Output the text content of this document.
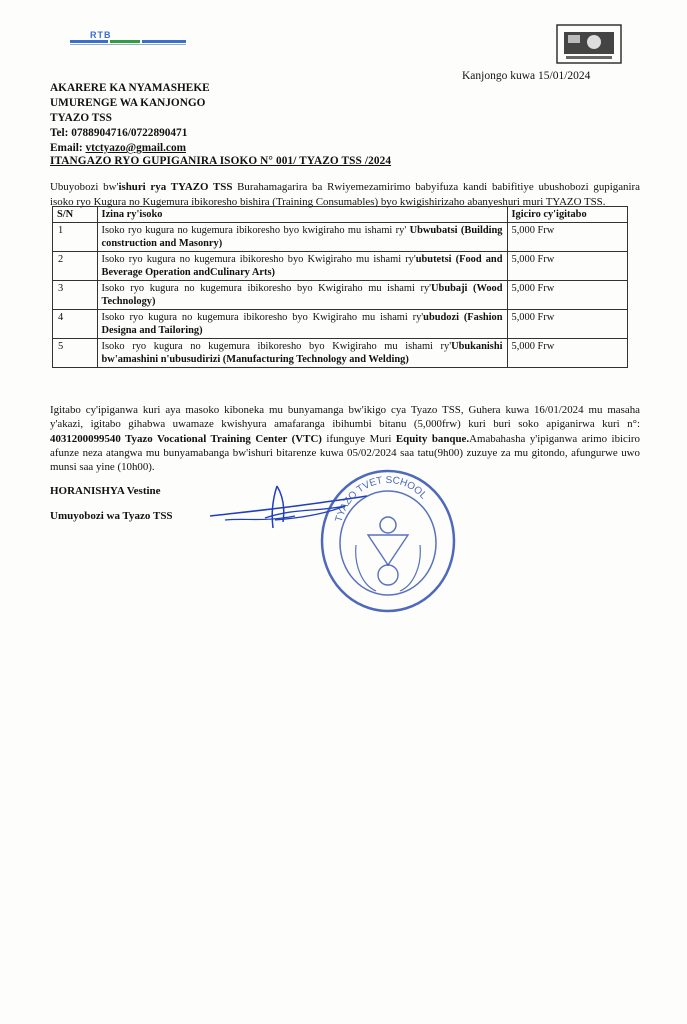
RTB
Kanjongo kuwa 15/01/2024
AKARERE KA NYAMASHEKE
UMURENGE WA KANJONGO
TYAZO TSS
Tel: 0788904716/0722890471
Email: vtctyazo@gmail.com
ITANGAZO RYO GUPIGANIRA ISOKO N° 001/ TYAZO TSS /2024
Ubuyobozi bw'ishuri rya TYAZO TSS Burahamagarira ba Rwiyemezamirimo babyifuza kandi babifitiye ubushobozi gupiganira isoko ryo Kugura no Kugemura ibikoresho bishira (Training Consumables) byo kwigishirizaho abanyeshuri muri TYAZO TSS.
S/N	Izina ry'isoko	Igiciro cy'igitabo
1	Isoko ryo kugura no kugemura ibikoresho byo kwigiraho mu ishami ry' Ubwubatsi (Building construction and Masonry)	5,000 Frw
2	Isoko ryo kugura no kugemura ibikoresho byo Kwigiraho mu ishami ry'ubutetsi (Food and Beverage Operation andCulinary Arts)	5,000 Frw
3	Isoko ryo kugura no kugemura ibikoresho byo Kwigiraho mu ishami ry'Ububaji (Wood Technology)	5,000 Frw
4	Isoko ryo kugura no kugemura ibikoresho byo Kwigiraho mu ishami ry'ubudozi (Fashion Designa and Tailoring)	5,000 Frw
5	Isoko ryo kugura no kugemura ibikoresho byo Kwigiraho mu ishami ry'Ubukanishi bw'amashini n'ubusudirizi (Manufacturing Technology and Welding)	5,000 Frw
Igitabo cy'ipiganwa kuri aya masoko kiboneka mu bunyamanga bw'ikigo cya Tyazo TSS, Guhera kuwa 16/01/2024 mu masaha y'akazi, igitabo gihabwa uwamaze kwishyura amafaranga ibihumbi bitanu (5,000frw) kuri buri soko apiganirwa kuri n°: 4031200099540 Tyazo Vocational Training Center (VTC) ifunguye Muri Equity banque.Amabahasha y'ipiganwa arimo ibiciro afunze neza atangwa mu bunyamabanga bw'ishuri bitarenze kuwa 05/02/2024 saa tatu(9h00) zuzuye za mu gitondo, afungurwe uwo munsi saa yine (10h00).
HORANISHYA Vestine
Umuyobozi wa Tyazo TSS	TYAZO TVET SCHOOL
